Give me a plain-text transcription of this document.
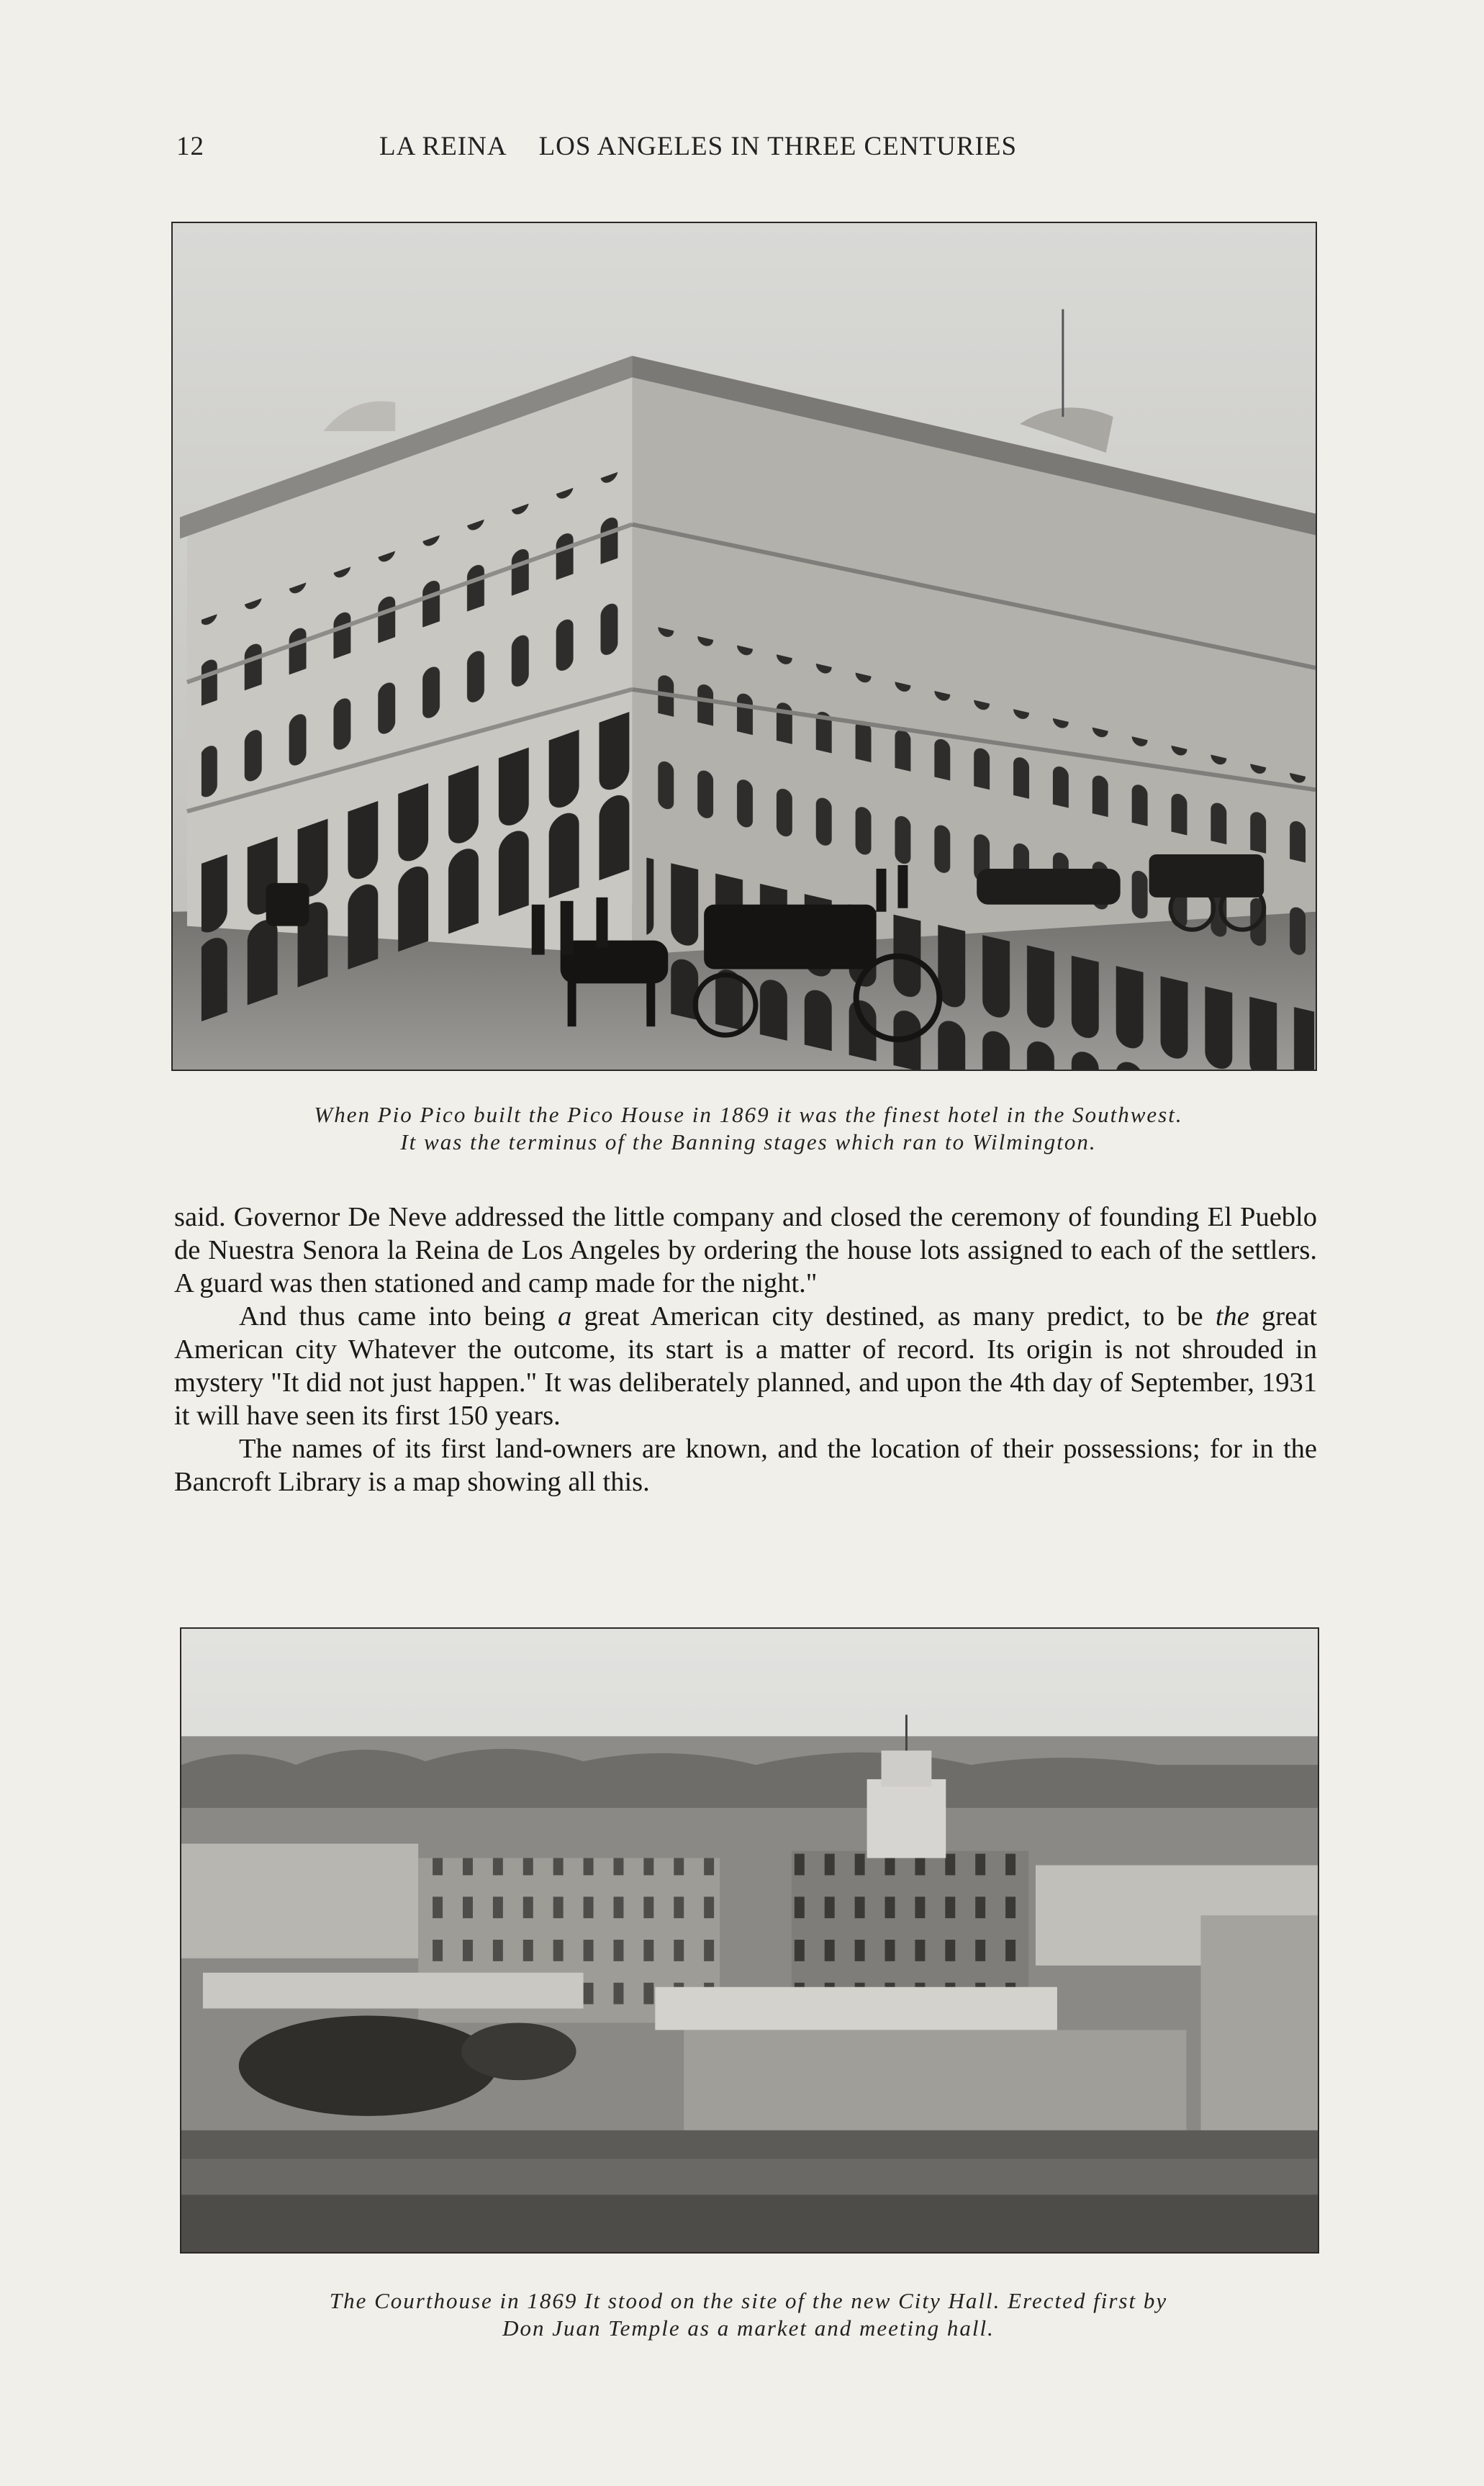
12	LA REINA LOS ANGELES IN THREE CENTURIES
When Pio Pico built the Pico House in 1869 it was the finest hotel in the Southwest.
It was the terminus of the Banning stages which ran to Wilmington.

said. Governor De Neve addressed the little company and closed the ceremony of founding El Pueblo de Nuestra Senora la Reina de Los Angeles by ordering the house lots assigned to each of the settlers. A guard was then stationed and camp made for the night."

And thus came into being a great American city destined, as many predict, to be the great American city Whatever the outcome, its start is a matter of record. Its origin is not shrouded in mystery "It did not just happen." It was deliberately planned, and upon the 4th day of September, 1931 it will have seen its first 150 years.

The names of its first land-owners are known, and the location of their possessions; for in the Bancroft Library is a map showing all this.

The Courthouse in 1869 It stood on the site of the new City Hall. Erected first by
Don Juan Temple as a market and meeting hall.
